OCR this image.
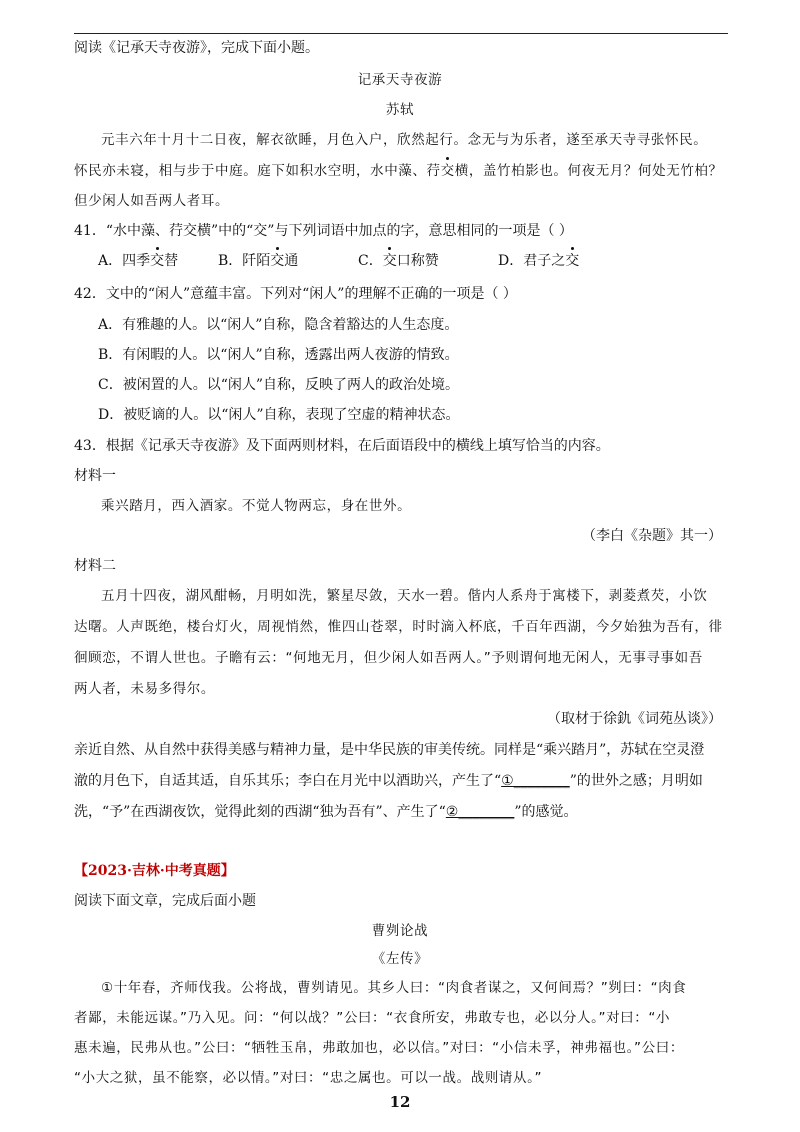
阅读《记承天寺夜游》，完成下面小题。
记承天寺夜游
苏轼
元丰六年十月十二日夜，解衣欲睡，月色入户，欣然起行。念无与为乐者，遂至承天寺寻张怀民。
怀民亦未寝，相与步于中庭。庭下如积水空明，水中藻、荇交横，盖竹柏影也。何夜无月？何处无竹柏？
但少闲人如吾两人者耳。
41．“水中藻、荇交横”中的“交”与下列词语中加点的字，意思相同的一项是（ ）
A．四季交替	B．阡陌交通	C．交口称赞	D．君子之交
42．文中的“闲人”意蕴丰富。下列对“闲人”的理解不正确的一项是（ ）
A．有雅趣的人。以“闲人”自称，隐含着豁达的人生态度。
B．有闲暇的人。以“闲人”自称，透露出两人夜游的情致。
C．被闲置的人。以“闲人”自称，反映了两人的政治处境。
D．被贬谪的人。以“闲人”自称，表现了空虚的精神状态。
43．根据《记承天寺夜游》及下面两则材料，在后面语段中的横线上填写恰当的内容。
材料一
乘兴踏月，西入酒家。不觉人物两忘，身在世外。
（李白《杂题》其一）
材料二
五月十四夜，湖风酣畅，月明如洗，繁星尽敛，天水一碧。偕内人系舟于寓楼下，剥菱煮芡，小饮
达曙。人声既绝，楼台灯火，周视悄然，惟四山苍翠，时时滴入杯底，千百年西湖，今夕始独为吾有，徘
徊顾恋，不谓人世也。子瞻有云：“何地无月，但少闲人如吾两人。”予则谓何地无闲人，无事寻事如吾
两人者，未易多得尔。
（取材于徐釚《词苑丛谈》）
亲近自然、从自然中获得美感与精神力量，是中华民族的审美传统。同样是“乘兴踏月”，苏轼在空灵澄
澈的月色下，自适其适，自乐其乐；李白在月光中以酒助兴，产生了“①________”的世外之感；月明如
洗，“予”在西湖夜饮，觉得此刻的西湖“独为吾有”、产生了“②________”的感觉。
【2023·吉林·中考真题】
阅读下面文章，完成后面小题
曹刿论战
《左传》
①十年春，齐师伐我。公将战，曹刿请见。其乡人曰：“肉食者谋之，又何间焉？”刿曰：“肉食
者鄙，未能远谋。”乃入见。问：“何以战？”公曰：“衣食所安，弗敢专也，必以分人。”对曰：“小
惠未遍，民弗从也。”公曰：“牺牲玉帛，弗敢加也，必以信。”对曰：“小信未孚，神弗福也。”公曰：
“小大之狱，虽不能察，必以情。”对曰：“忠之属也。可以一战。战则请从。”
12
